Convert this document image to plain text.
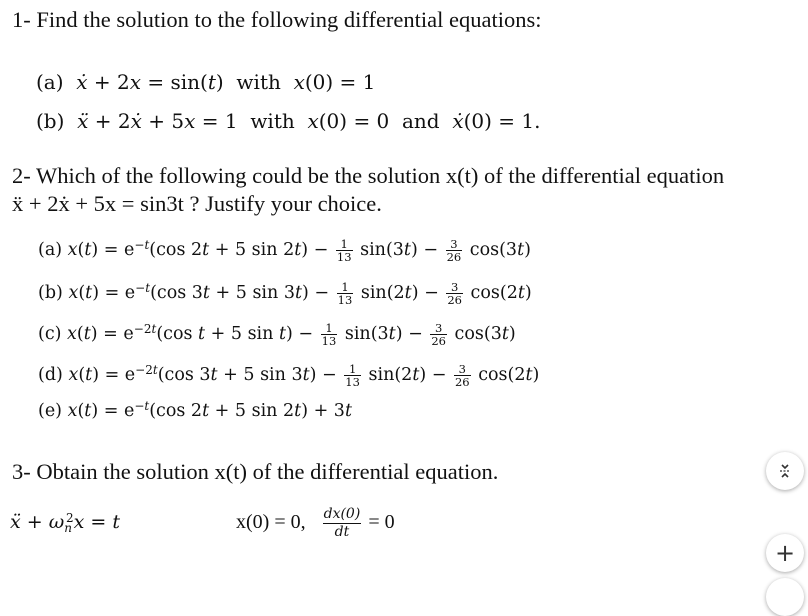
1- Find the solution to the following differential equations:
(a) ẋ + 2x = sin(t)  with x(0) = 1
(b) ẍ + 2ẋ + 5x = 1  with x(0) = 0  and ẋ(0) = 1.
2- Which of the following could be the solution x(t) of the differential equation
ẍ + 2ẋ + 5x = sin3t ? Justify your choice.
(a) $x(t) = e^{-t}(\cos$ 2t + 5 $\sin 2t) - \frac{1}{13} \sin(3t) - \frac{3}{26} \cos(3t)$
(b) $x(t) = e^{-t}(\cos$ 3t + 5 $\sin 3t) - \frac{1}{13} \sin(2t) - \frac{3}{26} \cos(2t)$
(c) $x(t) = e^{-2t}(\cos$ t + 5 $\sin t) - \frac{1}{13} \sin(3t) - \frac{3}{26} \cos(3t)$
(d) $x(t) = e^{-2t}(\cos$ 3t + 5 $\sin 3t) - \frac{1}{13} \sin(2t) - \frac{3}{26} \cos(2t)$
(e) $x(t) = e^{-t}(\cos$ 2t + 5 sin 2t) + 3t
3- Obtain the solution x(t) of the differential equation.
ẍ + $\omega_n^2x = t$	x(0) = 0, $\frac{dx(0)}{dt} = 0$
+
